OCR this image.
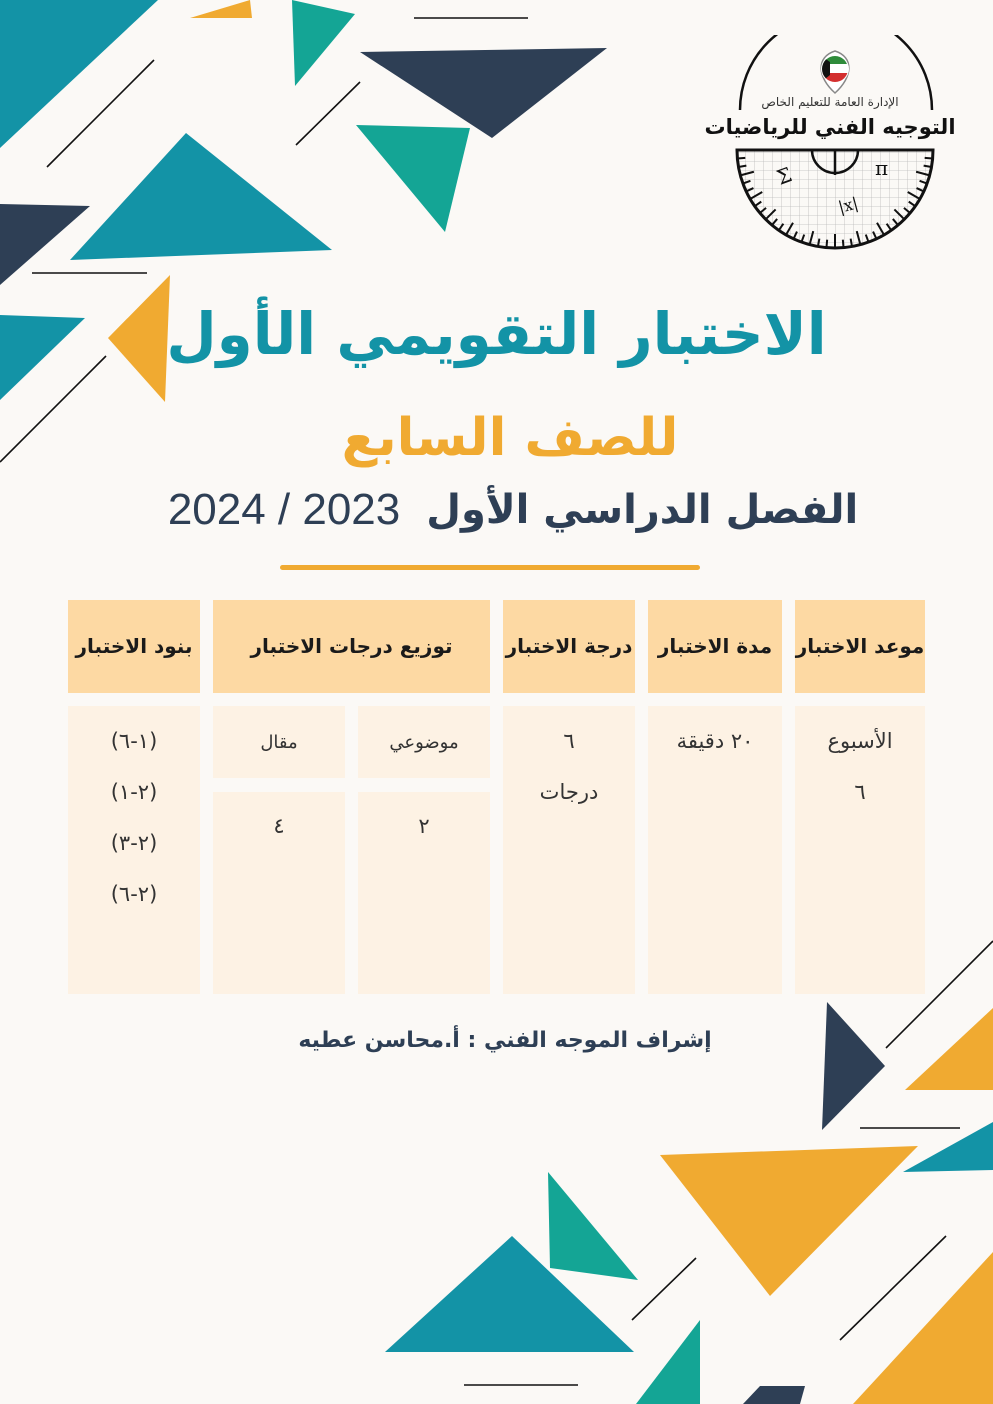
Σ	π
|x|
الإدارة العامة للتعليم الخاص
التوجيه الفني للرياضيات
الاختبار التقويمي الأول
للصف السابع
2024 / 2023 الفصل الدراسي الأول
موعد الاختبار
مدة الاختبار
درجة الاختبار
توزيع درجات الاختبار
بنود الاختبار
الأسبوع
٦
٢٠ دقيقة
٦
درجات
موضوعي
مقال
٢
٤
(١-٦)
(٢-١)
(٢-٣)
(٢-٦)
إشراف الموجه الفني : أ.محاسن عطيه
